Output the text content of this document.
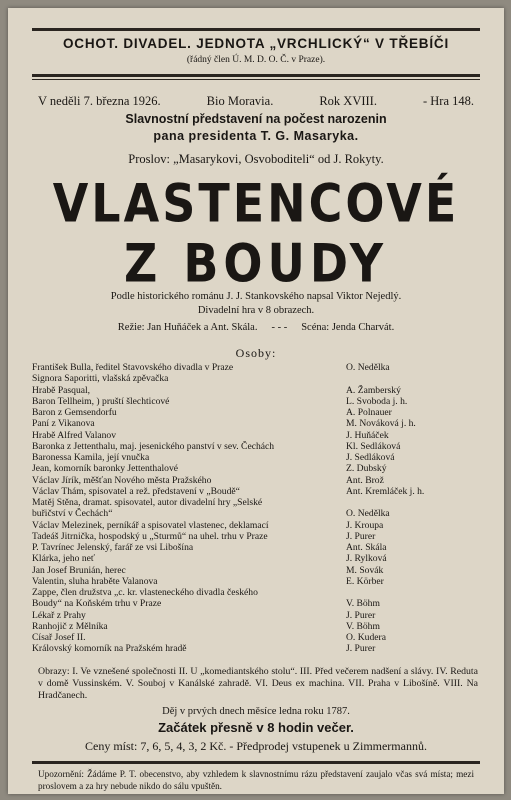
OCHOT. DIVADEL. JEDNOTA „VRCHLICKÝ“ V TŘEBÍČI
(řádný člen Ú. M. D. O. Č. v Praze).
V neděli 7. března 1926.	Bio Moravia.	Rok XVIII.	- Hra 148.
Slavnostní představení na počest narozenin
pana presidenta T. G. Masaryka.
Proslov: „Masarykovi, Osvoboditeli“ od J. Rokyty.
VLASTENCOVÉ
Z BOUDY
Podle historického románu J. J. Stankovského napsal Viktor Nejedlý.
Divadelní hra v 8 obrazech.
Režie: Jan Huňáček a Ant. Skála. - - - Scéna: Jenda Charvát.
Osoby:
František Bulla, ředitel Stavovského divadla v Praze	O. Nedělka
Signora Saporitti, vlašská zpěvačka
Hrabě Pasqual,	A. Žamberský
Baron Tellheim, ) pruští šlechticové	L. Svoboda j. h.
Baron z Gemsendorfu	A. Polnauer
Paní z Vikanova	M. Nováková j. h.
Hrabě Alfred Valanov	J. Huňáček
Baronka z Jettenthalu, maj. jesenického panství v sev. Čechách	Kl. Sedláková
Baronessa Kamila, její vnučka	J. Sedláková
Jean, komorník baronky Jettenthalové	Z. Dubský
Václav Jírík, měšťan Nového města Pražského	Ant. Brož
Václav Thám, spisovatel a rež. představení v „Boudě“	Ant. Kremláček j. h.
Matěj Stěna, dramat. spisovatel, autor divadelní hry „Selské
buřičství v Čechách“	O. Nedělka
Václav Melezinek, perníkář a spisovatel vlastenec, deklamací	J. Kroupa
Tadeáš Jitrnička, hospodský u „Sturmů“ na uhel. trhu v Praze	J. Purer
P. Tavrínec Jelenský, farář ze vsi Libošína	Ant. Skála
Klárka, jeho neť	J. Rylková
Jan Josef Brunián, herec	M. Sovák
Valentin, sluha hraběte Valanova	E. Körber
Zappe, člen družstva „c. kr. vlasteneckého divadla českého
Boudy“ na Koňském trhu v Praze	V. Böhm
Lékař z Prahy	J. Purer
Ranhojič z Mělníka	V. Böhm
Císař Josef II.	O. Kudera
Královský komorník na Pražském hradě	J. Purer
Obrazy: I. Ve vznešené společnosti II. U „komediantského stolu“. III. Před večerem nadšení a slávy. IV. Reduta v domě Vussinském. V. Souboj v Kanálské zahradě. VI. Deus ex machina. VII. Praha v Libošíně. VIII. Na Hradčanech.
Děj v prvých dnech měsíce ledna roku 1787.
Začátek přesně v 8 hodin večer.
Ceny míst: 7, 6, 5, 4, 3, 2 Kč. - Předprodej vstupenek u Zimmermannů.
Upozornění: Žádáme P. T. obecenstvo, aby vzhledem k slavnostnímu rázu představení zaujalo včas svá místa; mezi proslovem a za hry nebude nikdo do sálu vpuštěn.
